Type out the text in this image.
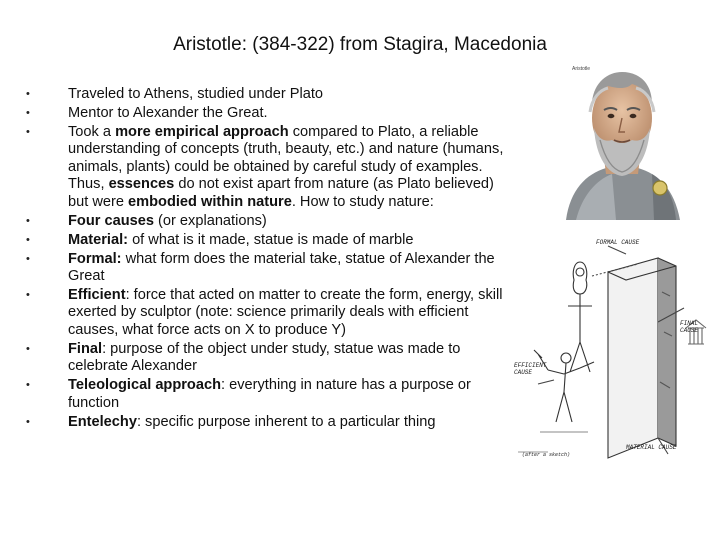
Aristotle: (384-322) from Stagira, Macedonia
•	Traveled to Athens, studied under Plato
•	Mentor to Alexander the Great.
•	Took a more empirical approach compared to Plato, a reliable understanding of concepts (truth, beauty, etc.) and nature (humans, animals, plants) could be obtained by careful study of examples. Thus, essences do not exist apart from nature (as Plato believed) but were embodied within nature. How to study nature:
•	Four causes (or explanations)
•	Material: of what is it made, statue is made of marble
•	Formal: what form does the material take, statue of Alexander the Great
•	Efficient: force that acted on matter to create the form, energy, skill exerted by sculptor (note: science primarily deals with efficient causes, what force acts on X to produce Y)
•	Final: purpose of the object under study, statue was made to celebrate Alexander
•	Teleological approach: everything in nature has a purpose or function
•	Entelechy: specific purpose inherent to a particular thing
Aristotle
FORMAL CAUSE
FINAL CAUSE
EFFICIENT CAUSE
MATERIAL CAUSE
(after a sketch)
